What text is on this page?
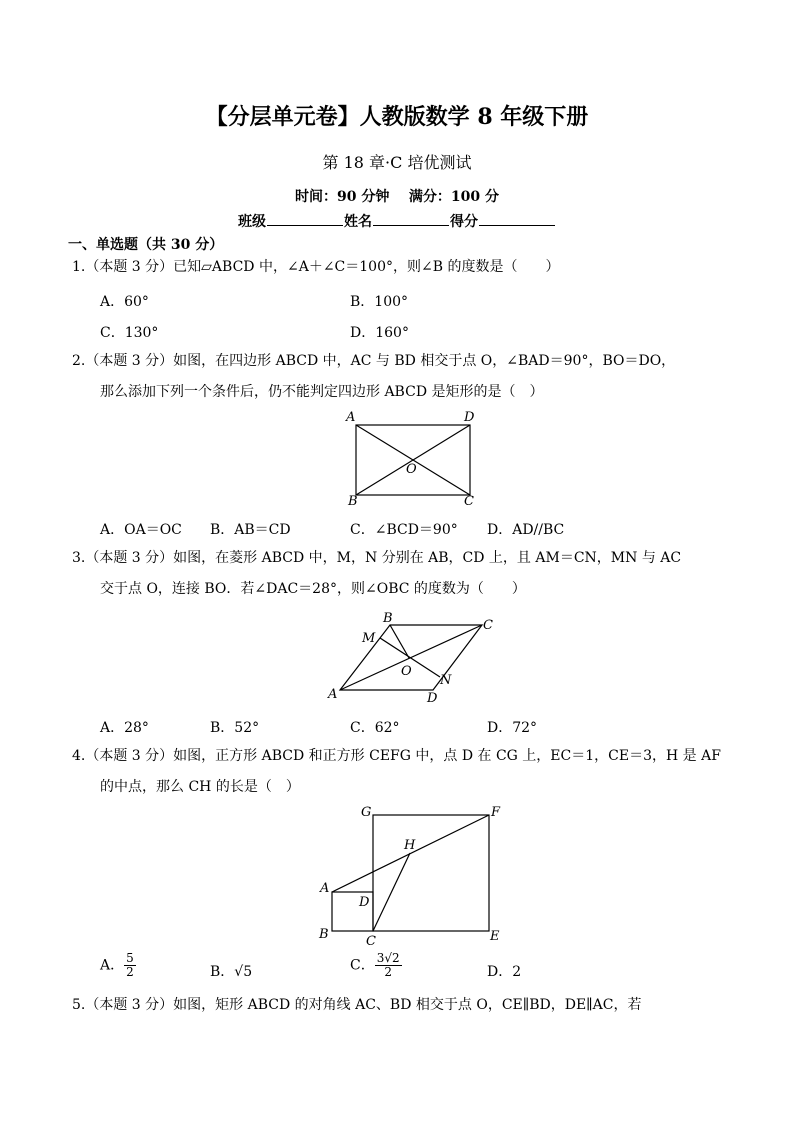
【分层单元卷】人教版数学 8 年级下册
第 18 章·C 培优测试
时间：90 分钟 满分：100 分
班级	姓名	得分
一、单选题（共 30 分）
1.（本题 3 分）已知▱ABCD 中，∠A＋∠C＝100°，则∠B 的度数是（　　）
A．60°	B．100°
C．130°	D．160°
2.（本题 3 分）如图，在四边形 ABCD 中，AC 与 BD 相交于点 O，∠BAD＝90°，BO＝DO，
那么添加下列一个条件后，仍不能判定四边形 ABCD 是矩形的是（　）
A	D
O
B	C
A．OA＝OC B．AB＝CD	C．∠BCD＝90° D．AD//BC
3.（本题 3 分）如图，在菱形 ABCD 中，M，N 分别在 AB，CD 上，且 AM＝CN，MN 与 AC
交于点 O，连接 BO．若∠DAC＝28°，则∠OBC 的度数为（　　）
B	C
M
O
N
A	D
A．28°	B．52°	C．62°	D．72°
4.（本题 3 分）如图，正方形 ABCD 和正方形 CEFG 中，点 D 在 CG 上，EC＝1，CE＝3，H 是 AF
的中点，那么 CH 的长是（　）
G	F
H
A
D
B	C	E
A． $\frac{5}{2}$	B．√5	C． $\frac{3√2}{2}$	D．2
5.（本题 3 分）如图，矩形 ABCD 的对角线 AC、BD 相交于点 O，CE∥BD，DE∥AC，若
